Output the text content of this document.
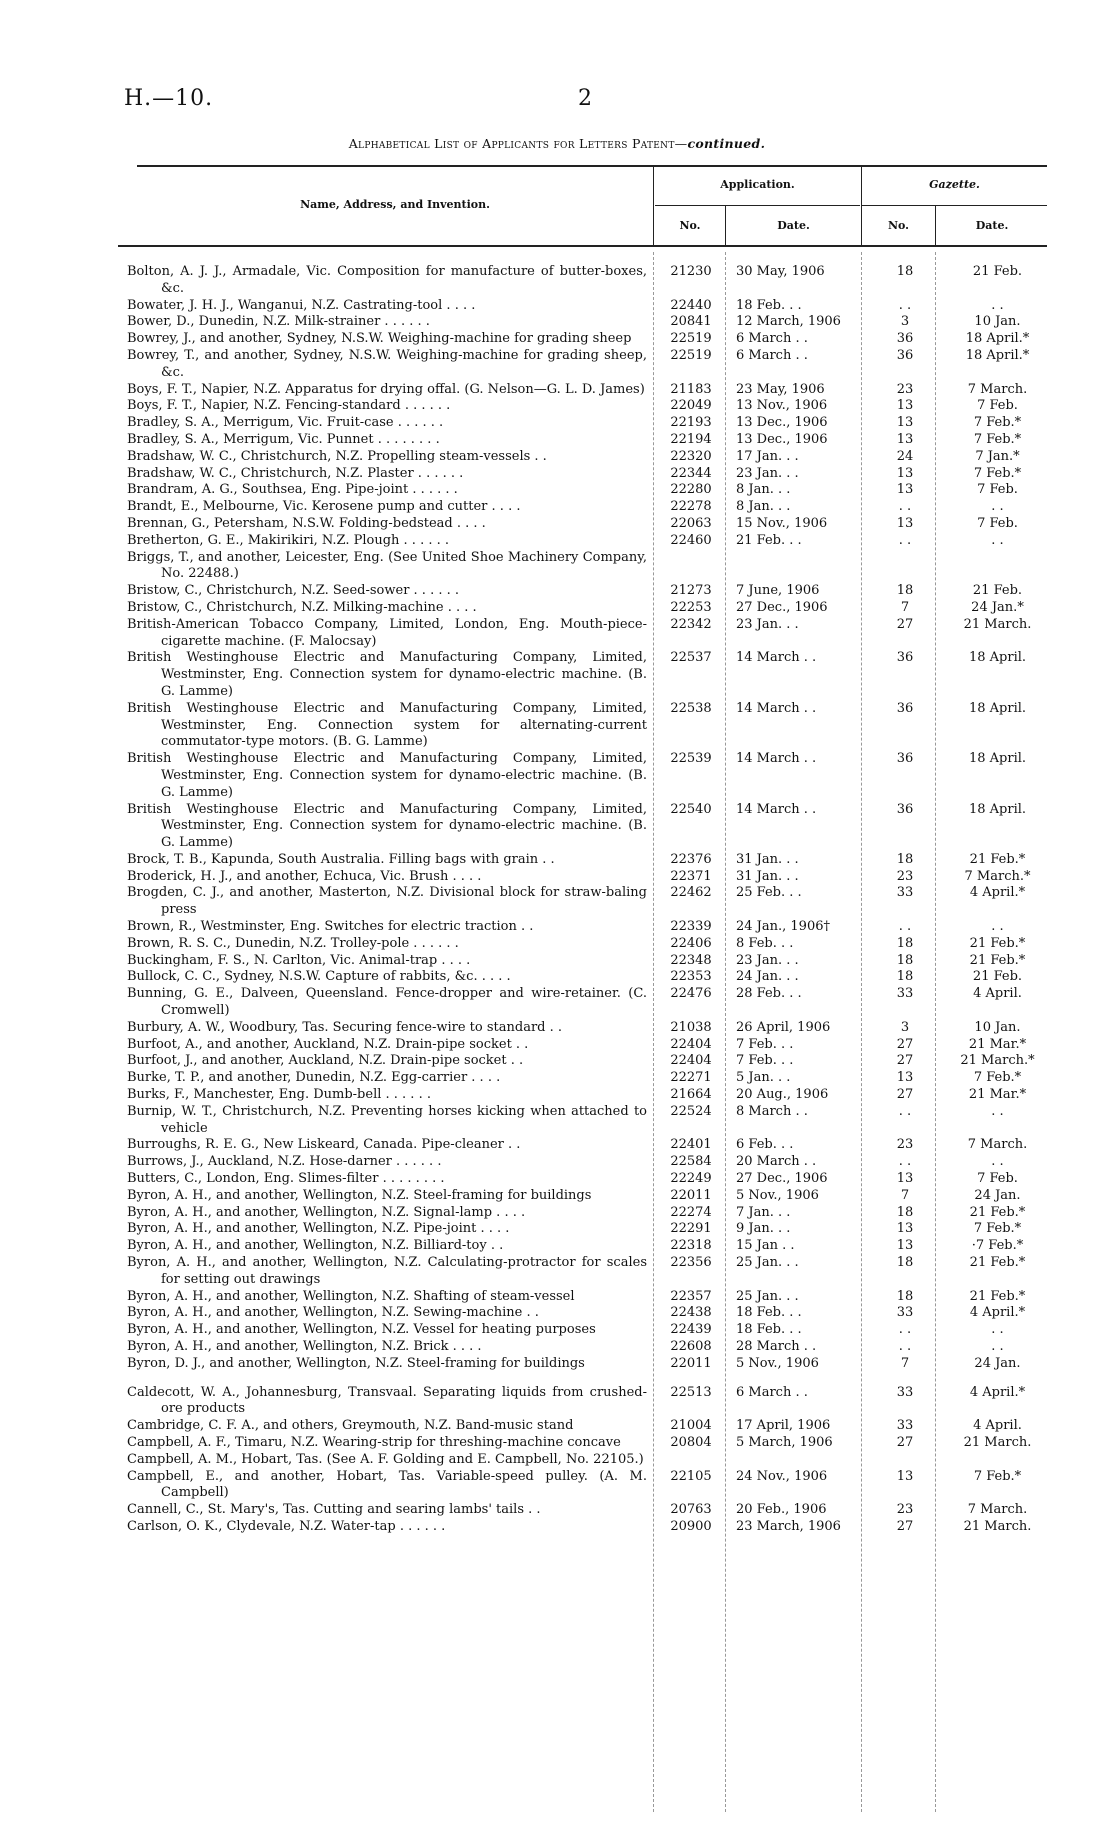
H.—10.	2
Alphabetical List of Applicants for Letters Patent—continued.
Name, Address, and Invention.
Application.
No.	Date.
Gazette.
No.	Date.
Bolton, A. J. J., Armadale, Vic. Composition for manufacture of butter-boxes, &c.
21230	30 May, 1906	18	21 Feb.
Bowater, J. H. J., Wanganui, N.Z. Castrating-tool . . . .	22440	18 Feb. . .	. .	. .
Bower, D., Dunedin, N.Z. Milk-strainer . . . . . .	20841	12 March, 1906	3	10 Jan.
Bowrey, J., and another, Sydney, N.S.W. Weighing-machine for grading sheep	22519	6 March . .	36	18 April.*
Bowrey, T., and another, Sydney, N.S.W. Weighing-machine for grading sheep, &c.
22519	6 March . .	36	18 April.*
Boys, F. T., Napier, N.Z. Apparatus for drying offal. (G. Nelson—G. L. D. James)	21183	23 May, 1906	23	7 March.
Boys, F. T., Napier, N.Z. Fencing-standard . . . . . .	22049	13 Nov., 1906	13	7 Feb.
Bradley, S. A., Merrigum, Vic. Fruit-case . . . . . .	22193	13 Dec., 1906	13	7 Feb.*
Bradley, S. A., Merrigum, Vic. Punnet . . . . . . . .	22194	13 Dec., 1906	13	7 Feb.*
Bradshaw, W. C., Christchurch, N.Z. Propelling steam-vessels . .	22320	17 Jan. . .	24	7 Jan.*
Bradshaw, W. C., Christchurch, N.Z. Plaster . . . . . .	22344	23 Jan. . .	13	7 Feb.*
Brandram, A. G., Southsea, Eng. Pipe-joint . . . . . .	22280	8 Jan. . .	13	7 Feb.
Brandt, E., Melbourne, Vic. Kerosene pump and cutter . . . .	22278	8 Jan. . .	. .	. .
Brennan, G., Petersham, N.S.W. Folding-bedstead . . . .	22063	15 Nov., 1906	13	7 Feb.
Bretherton, G. E., Makirikiri, N.Z. Plough . . . . . .	22460	21 Feb. . .	. .	. .
Briggs, T., and another, Leicester, Eng. (See United Shoe Machinery Company, No. 22488.)
Bristow, C., Christchurch, N.Z. Seed-sower . . . . . .	21273	7 June, 1906	18	21 Feb.
Bristow, C., Christchurch, N.Z. Milking-machine . . . .	22253	27 Dec., 1906	7	24 Jan.*
British-American Tobacco Company, Limited, London, Eng. Mouth-piece-cigarette machine. (F. Malocsay)
22342	23 Jan. . .	27	21 March.
British Westinghouse Electric and Manufacturing Company, Limited, Westminster, Eng. Connection system for dynamo-electric machine. (B. G. Lamme)
22537	14 March . .	36	18 April.
British Westinghouse Electric and Manufacturing Company, Limited, Westminster, Eng. Connection system for alternating-current commutator-type motors. (B. G. Lamme)
22538	14 March . .	36	18 April.
British Westinghouse Electric and Manufacturing Company, Limited, Westminster, Eng. Connection system for dynamo-electric machine. (B. G. Lamme)
22539	14 March . .	36	18 April.
British Westinghouse Electric and Manufacturing Company, Limited, Westminster, Eng. Connection system for dynamo-electric machine. (B. G. Lamme)
22540	14 March . .	36	18 April.
Brock, T. B., Kapunda, South Australia. Filling bags with grain . .	22376	31 Jan. . .	18	21 Feb.*
Broderick, H. J., and another, Echuca, Vic. Brush . . . .	22371	31 Jan. . .	23	7 March.*
Brogden, C. J., and another, Masterton, N.Z. Divisional block for straw-baling press
22462	25 Feb. . .	33	4 April.*
Brown, R., Westminster, Eng. Switches for electric traction . .	22339	24 Jan., 1906†	. .	. .
Brown, R. S. C., Dunedin, N.Z. Trolley-pole . . . . . .	22406	8 Feb. . .	18	21 Feb.*
Buckingham, F. S., N. Carlton, Vic. Animal-trap . . . .	22348	23 Jan. . .	18	21 Feb.*
Bullock, C. C., Sydney, N.S.W. Capture of rabbits, &c. . . . .	22353	24 Jan. . .	18	21 Feb.
Bunning, G. E., Dalveen, Queensland. Fence-dropper and wire-retainer. (C. Cromwell)
22476	28 Feb. . .	33	4 April.
Burbury, A. W., Woodbury, Tas. Securing fence-wire to standard . .	21038	26 April, 1906	3	10 Jan.
Burfoot, A., and another, Auckland, N.Z. Drain-pipe socket . .	22404	7 Feb. . .	27	21 Mar.*
Burfoot, J., and another, Auckland, N.Z. Drain-pipe socket . .	22404	7 Feb. . .	27	21 March.*
Burke, T. P., and another, Dunedin, N.Z. Egg-carrier . . . .	22271	5 Jan. . .	13	7 Feb.*
Burks, F., Manchester, Eng. Dumb-bell . . . . . .	21664	20 Aug., 1906	27	21 Mar.*
Burnip, W. T., Christchurch, N.Z. Preventing horses kicking when attached to vehicle
22524	8 March . .	. .	. .
Burroughs, R. E. G., New Liskeard, Canada. Pipe-cleaner . .	22401	6 Feb. . .	23	7 March.
Burrows, J., Auckland, N.Z. Hose-darner . . . . . .	22584	20 March . .	. .	. .
Butters, C., London, Eng. Slimes-filter . . . . . . . .	22249	27 Dec., 1906	13	7 Feb.
Byron, A. H., and another, Wellington, N.Z. Steel-framing for buildings	22011	5 Nov., 1906	7	24 Jan.
Byron, A. H., and another, Wellington, N.Z. Signal-lamp . . . .	22274	7 Jan. . .	18	21 Feb.*
Byron, A. H., and another, Wellington, N.Z. Pipe-joint . . . .	22291	9 Jan. . .	13	7 Feb.*
Byron, A. H., and another, Wellington, N.Z. Billiard-toy . .	22318	15 Jan . .	13	·7 Feb.*
Byron, A. H., and another, Wellington, N.Z. Calculating-protractor for scales for setting out drawings
22356	25 Jan. . .	18	21 Feb.*
Byron, A. H., and another, Wellington, N.Z. Shafting of steam-vessel	22357	25 Jan. . .	18	21 Feb.*
Byron, A. H., and another, Wellington, N.Z. Sewing-machine . .	22438	18 Feb. . .	33	4 April.*
Byron, A. H., and another, Wellington, N.Z. Vessel for heating purposes	22439	18 Feb. . .	. .	. .
Byron, A. H., and another, Wellington, N.Z. Brick . . . .	22608	28 March . .	. .	. .
Byron, D. J., and another, Wellington, N.Z. Steel-framing for buildings	22011	5 Nov., 1906	7	24 Jan.
Caldecott, W. A., Johannesburg, Transvaal. Separating liquids from crushed-ore products
22513	6 March . .	33	4 April.*
Cambridge, C. F. A., and others, Greymouth, N.Z. Band-music stand	21004	17 April, 1906	33	4 April.
Campbell, A. F., Timaru, N.Z. Wearing-strip for threshing-machine concave	20804	5 March, 1906	27	21 March.
Campbell, A. M., Hobart, Tas. (See A. F. Golding and E. Campbell, No. 22105.)
Campbell, E., and another, Hobart, Tas. Variable-speed pulley. (A. M. Campbell)
22105	24 Nov., 1906	13	7 Feb.*
Cannell, C., St. Mary's, Tas. Cutting and searing lambs' tails . .	20763	20 Feb., 1906	23	7 March.
Carlson, O. K., Clydevale, N.Z. Water-tap . . . . . .	20900	23 March, 1906	27	21 March.
